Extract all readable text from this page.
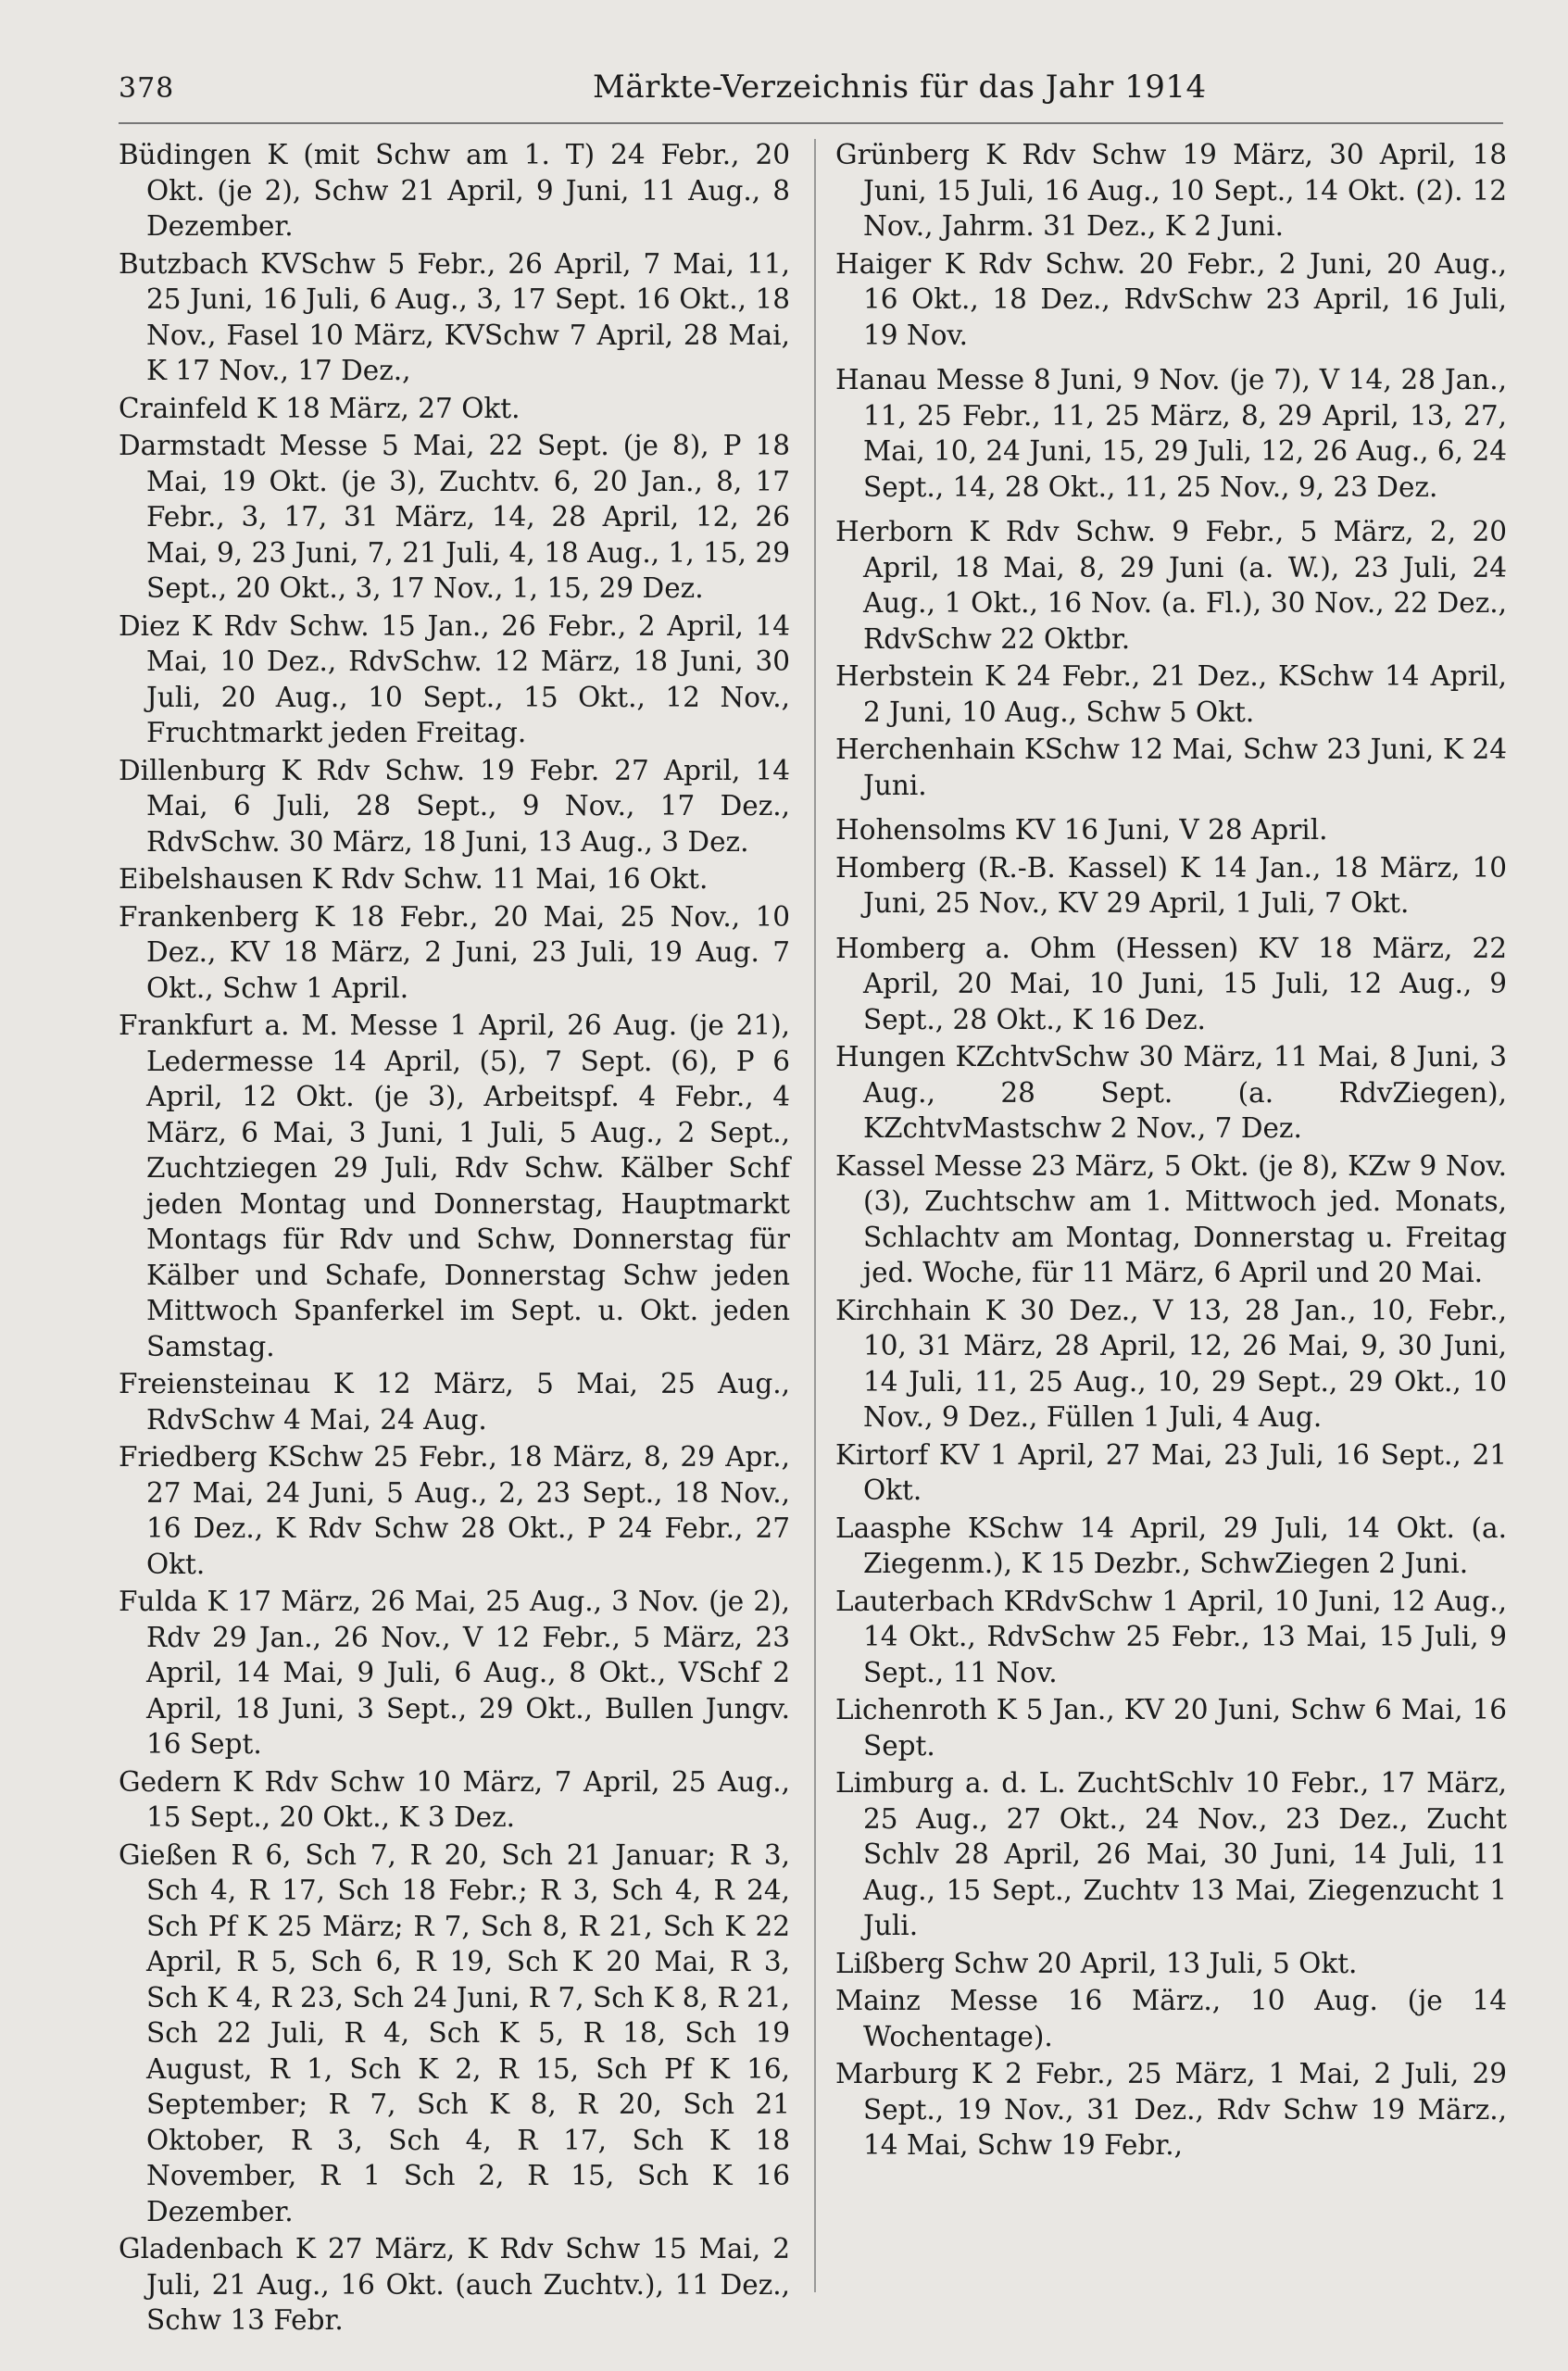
378	Märkte-Verzeichnis für das Jahr 1914

Büdingen K (mit Schw am 1. T) 24 Febr., 20 Okt. (je 2), Schw 21 April, 9 Juni, 11 Aug., 8 Dezember.

Butzbach KVSchw 5 Febr., 26 April, 7 Mai, 11, 25 Juni, 16 Juli, 6 Aug., 3, 17 Sept. 16 Okt., 18 Nov., Fasel 10 März, KVSchw 7 April, 28 Mai, K 17 Nov., 17 Dez.,

Crainfeld K 18 März, 27 Okt.

Darmstadt Messe 5 Mai, 22 Sept. (je 8), P 18 Mai, 19 Okt. (je 3), Zuchtv. 6, 20 Jan., 8, 17 Febr., 3, 17, 31 März, 14, 28 April, 12, 26 Mai, 9, 23 Juni, 7, 21 Juli, 4, 18 Aug., 1, 15, 29 Sept., 20 Okt., 3, 17 Nov., 1, 15, 29 Dez.

Diez K Rdv Schw. 15 Jan., 26 Febr., 2 April, 14 Mai, 10 Dez., RdvSchw. 12 März, 18 Juni, 30 Juli, 20 Aug., 10 Sept., 15 Okt., 12 Nov., Fruchtmarkt jeden Freitag.

Dillenburg K Rdv Schw. 19 Febr. 27 April, 14 Mai, 6 Juli, 28 Sept., 9 Nov., 17 Dez., RdvSchw. 30 März, 18 Juni, 13 Aug., 3 Dez.

Eibelshausen K Rdv Schw. 11 Mai, 16 Okt.

Frankenberg K 18 Febr., 20 Mai, 25 Nov., 10 Dez., KV 18 März, 2 Juni, 23 Juli, 19 Aug. 7 Okt., Schw 1 April.

Frankfurt a. M. Messe 1 April, 26 Aug. (je 21), Ledermesse 14 April, (5), 7 Sept. (6), P 6 April, 12 Okt. (je 3), Arbeitspf. 4 Febr., 4 März, 6 Mai, 3 Juni, 1 Juli, 5 Aug., 2 Sept., Zuchtziegen 29 Juli, Rdv Schw. Kälber Schf jeden Montag und Donnerstag, Hauptmarkt Montags für Rdv und Schw, Donnerstag für Kälber und Schafe, Donnerstag Schw jeden Mittwoch Spanferkel im Sept. u. Okt. jeden Samstag.

Freiensteinau K 12 März, 5 Mai, 25 Aug., RdvSchw 4 Mai, 24 Aug.

Friedberg KSchw 25 Febr., 18 März, 8, 29 Apr., 27 Mai, 24 Juni, 5 Aug., 2, 23 Sept., 18 Nov., 16 Dez., K Rdv Schw 28 Okt., P 24 Febr., 27 Okt.

Fulda K 17 März, 26 Mai, 25 Aug., 3 Nov. (je 2), Rdv 29 Jan., 26 Nov., V 12 Febr., 5 März, 23 April, 14 Mai, 9 Juli, 6 Aug., 8 Okt., VSchf 2 April, 18 Juni, 3 Sept., 29 Okt., Bullen Jungv. 16 Sept.

Gedern K Rdv Schw 10 März, 7 April, 25 Aug., 15 Sept., 20 Okt., K 3 Dez.

Gießen R 6, Sch 7, R 20, Sch 21 Januar; R 3, Sch 4, R 17, Sch 18 Febr.; R 3, Sch 4, R 24, Sch Pf K 25 März; R 7, Sch 8, R 21, Sch K 22 April, R 5, Sch 6, R 19, Sch K 20 Mai, R 3, Sch K 4, R 23, Sch 24 Juni, R 7, Sch K 8, R 21, Sch 22 Juli, R 4, Sch K 5, R 18, Sch 19 August, R 1, Sch K 2, R 15, Sch Pf K 16, September; R 7, Sch K 8, R 20, Sch 21 Oktober, R 3, Sch 4, R 17, Sch K 18 November, R 1 Sch 2, R 15, Sch K 16 Dezember.

Gladenbach K 27 März, K Rdv Schw 15 Mai, 2 Juli, 21 Aug., 16 Okt. (auch Zuchtv.), 11 Dez., Schw 13 Febr.

Grünberg K Rdv Schw 19 März, 30 April, 18 Juni, 15 Juli, 16 Aug., 10 Sept., 14 Okt. (2). 12 Nov., Jahrm. 31 Dez., K 2 Juni.

Haiger K Rdv Schw. 20 Febr., 2 Juni, 20 Aug., 16 Okt., 18 Dez., RdvSchw 23 April, 16 Juli, 19 Nov.

Hanau Messe 8 Juni, 9 Nov. (je 7), V 14, 28 Jan., 11, 25 Febr., 11, 25 März, 8, 29 April, 13, 27, Mai, 10, 24 Juni, 15, 29 Juli, 12, 26 Aug., 6, 24 Sept., 14, 28 Okt., 11, 25 Nov., 9, 23 Dez.

Herborn K Rdv Schw. 9 Febr., 5 März, 2, 20 April, 18 Mai, 8, 29 Juni (a. W.), 23 Juli, 24 Aug., 1 Okt., 16 Nov. (a. Fl.), 30 Nov., 22 Dez., RdvSchw 22 Oktbr.

Herbstein K 24 Febr., 21 Dez., KSchw 14 April, 2 Juni, 10 Aug., Schw 5 Okt.

Herchenhain KSchw 12 Mai, Schw 23 Juni, K 24 Juni.

Hohensolms KV 16 Juni, V 28 April.

Homberg (R.-B. Kassel) K 14 Jan., 18 März, 10 Juni, 25 Nov., KV 29 April, 1 Juli, 7 Okt.

Homberg a. Ohm (Hessen) KV 18 März, 22 April, 20 Mai, 10 Juni, 15 Juli, 12 Aug., 9 Sept., 28 Okt., K 16 Dez.

Hungen KZchtvSchw 30 März, 11 Mai, 8 Juni, 3 Aug., 28 Sept. (a. RdvZiegen), KZchtvMastschw 2 Nov., 7 Dez.

Kassel Messe 23 März, 5 Okt. (je 8), KZw 9 Nov. (3), Zuchtschw am 1. Mittwoch jed. Monats, Schlachtv am Montag, Donnerstag u. Freitag jed. Woche, für 11 März, 6 April und 20 Mai.

Kirchhain K 30 Dez., V 13, 28 Jan., 10, Febr., 10, 31 März, 28 April, 12, 26 Mai, 9, 30 Juni, 14 Juli, 11, 25 Aug., 10, 29 Sept., 29 Okt., 10 Nov., 9 Dez., Füllen 1 Juli, 4 Aug.

Kirtorf KV 1 April, 27 Mai, 23 Juli, 16 Sept., 21 Okt.

Laasphe KSchw 14 April, 29 Juli, 14 Okt. (a. Ziegenm.), K 15 Dezbr., SchwZiegen 2 Juni.

Lauterbach KRdvSchw 1 April, 10 Juni, 12 Aug., 14 Okt., RdvSchw 25 Febr., 13 Mai, 15 Juli, 9 Sept., 11 Nov.

Lichenroth K 5 Jan., KV 20 Juni, Schw 6 Mai, 16 Sept.

Limburg a. d. L. ZuchtSchlv 10 Febr., 17 März, 25 Aug., 27 Okt., 24 Nov., 23 Dez., Zucht Schlv 28 April, 26 Mai, 30 Juni, 14 Juli, 11 Aug., 15 Sept., Zuchtv 13 Mai, Ziegenzucht 1 Juli.

Lißberg Schw 20 April, 13 Juli, 5 Okt.

Mainz Messe 16 März., 10 Aug. (je 14 Wochentage).

Marburg K 2 Febr., 25 März, 1 Mai, 2 Juli, 29 Sept., 19 Nov., 31 Dez., Rdv Schw 19 März., 14 Mai, Schw 19 Febr.,
